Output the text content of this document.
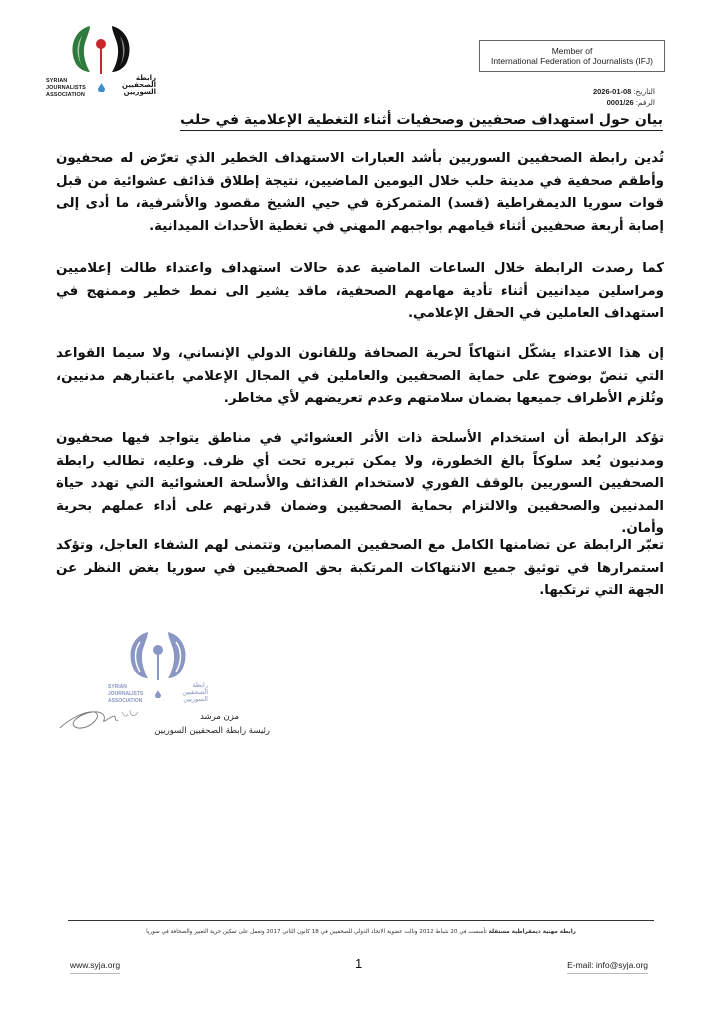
SYRIAN
JOURNALISTS
ASSOCIATION
رابطة
الصحفيين
السوريين
Member of
International Federation of Journalists (IFJ)
التاريخ: 08-01-2026
الرقم: 0001/26
بيان حول استهداف صحفيين وصحفيات أثناء التغطية الإعلامية في حلب
تُدين رابطة الصحفيين السوريين بأشد العبارات الاستهداف الخطير الذي تعرّض له صحفيون وأطقم صحفية في مدينة حلب خلال اليومين الماضيين، نتيجة إطلاق قذائف عشوائية من قبل قوات سوريا الديمقراطية (قسد) المتمركزة في حيي الشيخ مقصود والأشرفية، ما أدى إلى إصابة أربعة صحفيين أثناء قيامهم بواجبهم المهني في تغطية الأحداث الميدانية.
كما رصدت الرابطة خلال الساعات الماضية عدة حالات استهداف واعتداء طالت إعلاميين ومراسلين ميدانيين أثناء تأدية مهامهم الصحفية، ماقد يشير الى نمط خطير وممنهج في استهداف العاملين في الحقل الإعلامي.
إن هذا الاعتداء يشكّل انتهاكاً لحرية الصحافة وللقانون الدولي الإنساني، ولا سيما القواعد التي تنصّ بوضوح على حماية الصحفيين والعاملين في المجال الإعلامي باعتبارهم مدنيين، وتُلزم الأطراف جميعها بضمان سلامتهم وعدم تعريضهم لأي مخاطر.
تؤكد الرابطة أن استخدام الأسلحة ذات الأثر العشوائي في مناطق يتواجد فيها صحفيون ومدنيون يُعد سلوكاً بالغ الخطورة، ولا يمكن تبريره تحت أي ظرف. وعليه، تطالب رابطة الصحفيين السوريين بالوقف الفوري لاستخدام القذائف والأسلحة العشوائية التي تهدد حياة المدنيين والصحفيين والالتزام بحماية الصحفيين وضمان قدرتهم على أداء عملهم بحرية وأمان.
تعبّر الرابطة عن تضامنها الكامل مع الصحفيين المصابين، وتتمنى لهم الشفاء العاجل، وتؤكد استمرارها في توثيق جميع الانتهاكات المرتكبة بحق الصحفيين في سوريا بغض النظر عن الجهة التي ترتكبها.
SYRIAN
JOURNALISTS
ASSOCIATION
رابطة
الصحفيين
السوريين
مزن مرشد
رئيسة رابطة الصحفيين السوريين
رابطة مهنية ديمقراطية مستقلة تأسست في 20 شباط 2012 ونالت عضوية الاتحاد الدولي للصحفيين في 18 كانون الثاني 2017 وتعمل على تمكين حرية التعبير والصحافة في سوريا
www.syja.org	1	E-mail: info@syja.org
